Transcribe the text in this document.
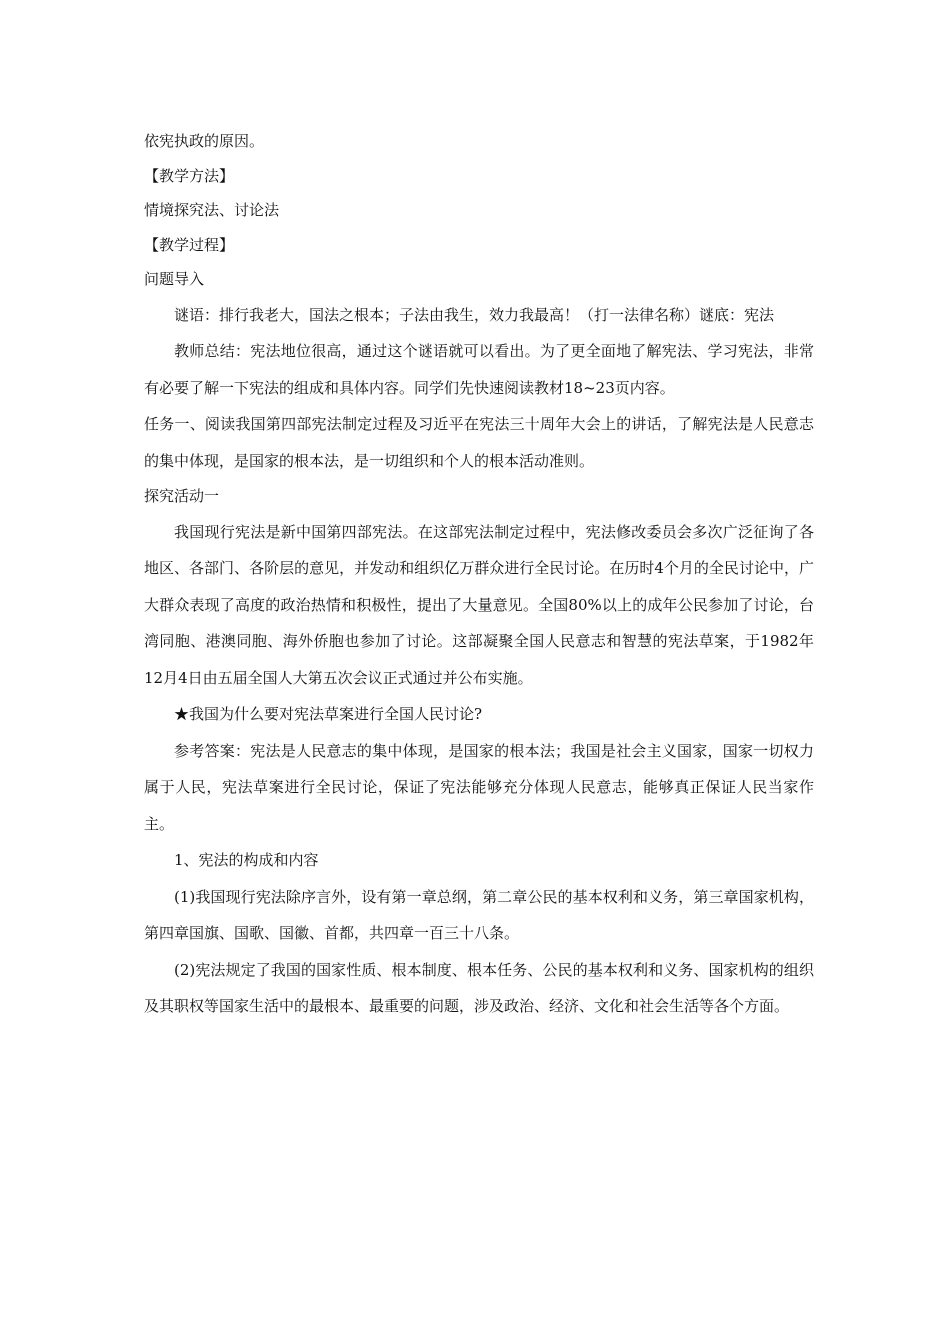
依宪执政的原因。

【教学方法】

情境探究法、讨论法

【教学过程】

问题导入

谜语：排行我老大，国法之根本；子法由我生，效力我最高！（打一法律名称）谜底：宪法

教师总结：宪法地位很高，通过这个谜语就可以看出。为了更全面地了解宪法、学习宪法，非常有必要了解一下宪法的组成和具体内容。同学们先快速阅读教材18~23页内容。

任务一、阅读我国第四部宪法制定过程及习近平在宪法三十周年大会上的讲话，了解宪法是人民意志的集中体现，是国家的根本法，是一切组织和个人的根本活动准则。

探究活动一

我国现行宪法是新中国第四部宪法。在这部宪法制定过程中，宪法修改委员会多次广泛征询了各地区、各部门、各阶层的意见，并发动和组织亿万群众进行全民讨论。在历时4个月的全民讨论中，广大群众表现了高度的政治热情和积极性，提出了大量意见。全国80%以上的成年公民参加了讨论，台湾同胞、港澳同胞、海外侨胞也参加了讨论。这部凝聚全国人民意志和智慧的宪法草案，于1982年12月4日由五届全国人大第五次会议正式通过并公布实施。

★我国为什么要对宪法草案进行全国人民讨论?

参考答案：宪法是人民意志的集中体现，是国家的根本法；我国是社会主义国家，国家一切权力属于人民，宪法草案进行全民讨论，保证了宪法能够充分体现人民意志，能够真正保证人民当家作主。

1、宪法的构成和内容

(1)我国现行宪法除序言外，设有第一章总纲，第二章公民的基本权利和义务，第三章国家机构，第四章国旗、国歌、国徽、首都，共四章一百三十八条。

(2)宪法规定了我国的国家性质、根本制度、根本任务、公民的基本权利和义务、国家机构的组织及其职权等国家生活中的最根本、最重要的问题，涉及政治、经济、文化和社会生活等各个方面。
